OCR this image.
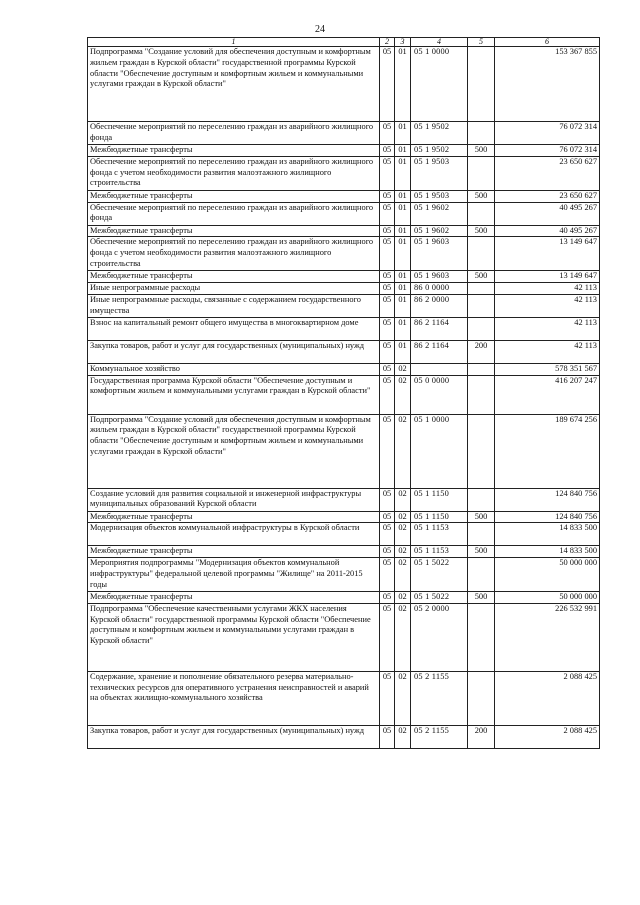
24
1	2	3	4	5	6
Подпрограмма "Создание условий для обеспечения доступным и комфортным жильем граждан в Курской области" государственной программы Курской области "Обеспечение доступным и комфортным жильем и коммунальными услугами граждан в Курской области"	05	01	05 1 0000		153 367 855
Обеспечение мероприятий по переселению граждан из аварийного жилищного фонда	05	01	05 1 9502		76 072 314
Межбюджетные трансферты	05	01	05 1 9502	500	76 072 314
Обеспечение мероприятий по переселению граждан из аварийного жилищного фонда с учетом необходимости развития малоэтажного жилищного строительства	05	01	05 1 9503		23 650 627
Межбюджетные трансферты	05	01	05 1 9503	500	23 650 627
Обеспечение мероприятий по переселению граждан из аварийного жилищного фонда	05	01	05 1 9602		40 495 267
Межбюджетные трансферты	05	01	05 1 9602	500	40 495 267
Обеспечение мероприятий по переселению граждан из аварийного жилищного фонда с учетом необходимости развития малоэтажного жилищного строительства	05	01	05 1 9603		13 149 647
Межбюджетные трансферты	05	01	05 1 9603	500	13 149 647
Иные непрограммные расходы	05	01	86 0 0000		42 113
Иные непрограммные расходы, связанные с содержанием государственного имущества	05	01	86 2 0000		42 113
Взнос на капитальный ремонт общего имущества в многоквартирном доме	05	01	86 2 1164		42 113
Закупка товаров, работ и услуг для государственных (муниципальных) нужд	05	01	86 2 1164	200	42 113
Коммунальное хозяйство	05	02			578 351 567
Государственная программа Курской области "Обеспечение доступным и комфортным жильем и коммунальными услугами граждан в Курской области"	05	02	05 0 0000		416 207 247
Подпрограмма "Создание условий для обеспечения доступным и комфортным жильем граждан в Курской области" государственной программы Курской области "Обеспечение доступным и комфортным жильем и коммунальными услугами граждан в Курской области"	05	02	05 1 0000		189 674 256
Создание условий для развития социальной и инженерной инфраструктуры муниципальных образований Курской области	05	02	05 1 1150		124 840 756
Межбюджетные трансферты	05	02	05 1 1150	500	124 840 756
Модернизация объектов коммунальной инфраструктуры в Курской области	05	02	05 1 1153		14 833 500
Межбюджетные трансферты	05	02	05 1 1153	500	14 833 500
Мероприятия подпрограммы "Модернизация объектов коммунальной инфраструктуры" федеральной целевой программы "Жилище" на 2011-2015 годы	05	02	05 1 5022		50 000 000
Межбюджетные трансферты	05	02	05 1 5022	500	50 000 000
Подпрограмма "Обеспечение качественными услугами ЖКХ населения Курской области" государственной программы Курской области "Обеспечение доступным и комфортным жильем и коммунальными услугами граждан в Курской области"	05	02	05 2 0000		226 532 991
Содержание, хранение и пополнение обязательного резерва материально-технических ресурсов для оперативного устранения неисправностей и аварий на объектах жилищно-коммунального хозяйства	05	02	05 2 1155		2 088 425
Закупка товаров, работ и услуг для государственных (муниципальных) нужд	05	02	05 2 1155	200	2 088 425
